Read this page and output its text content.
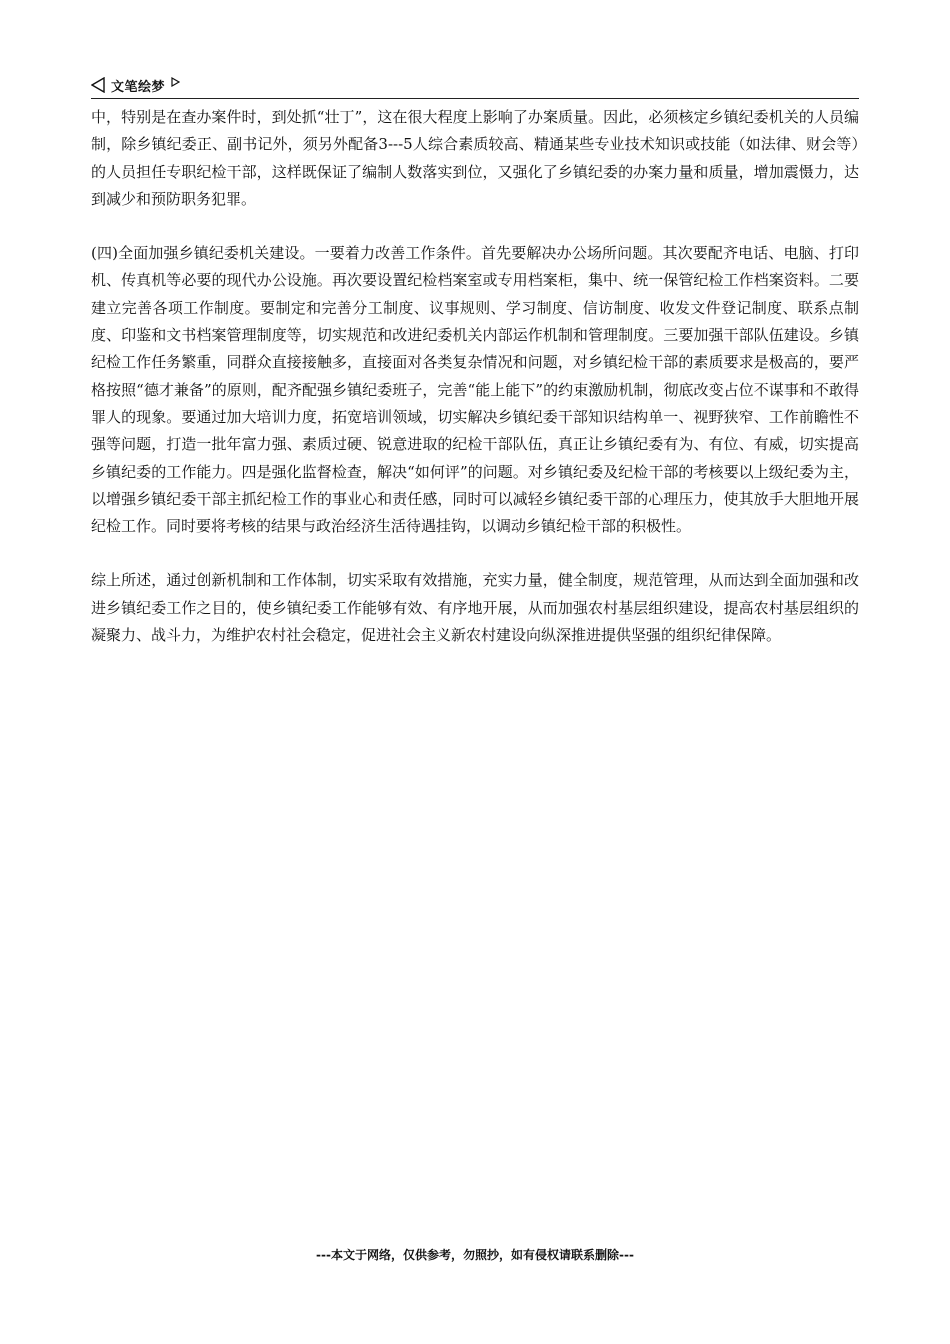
文笔绘梦

中，特别是在查办案件时，到处抓“壮丁”，这在很大程度上影响了办案质量。因此，必须核定乡镇纪委机关的人员编制，除乡镇纪委正、副书记外，须另外配备3---5人综合素质较高、精通某些专业技术知识或技能（如法律、财会等）的人员担任专职纪检干部，这样既保证了编制人数落实到位，又强化了乡镇纪委的办案力量和质量，增加震慑力，达到减少和预防职务犯罪。

(四)全面加强乡镇纪委机关建设。一要着力改善工作条件。首先要解决办公场所问题。其次要配齐电话、电脑、打印机、传真机等必要的现代办公设施。再次要设置纪检档案室或专用档案柜，集中、统一保管纪检工作档案资料。二要建立完善各项工作制度。要制定和完善分工制度、议事规则、学习制度、信访制度、收发文件登记制度、联系点制度、印鉴和文书档案管理制度等，切实规范和改进纪委机关内部运作机制和管理制度。三要加强干部队伍建设。乡镇纪检工作任务繁重，同群众直接接触多，直接面对各类复杂情况和问题，对乡镇纪检干部的素质要求是极高的，要严格按照“德才兼备”的原则，配齐配强乡镇纪委班子，完善“能上能下”的约束激励机制，彻底改变占位不谋事和不敢得罪人的现象。要通过加大培训力度，拓宽培训领域，切实解决乡镇纪委干部知识结构单一、视野狭窄、工作前瞻性不强等问题，打造一批年富力强、素质过硬、锐意进取的纪检干部队伍，真正让乡镇纪委有为、有位、有威，切实提高乡镇纪委的工作能力。四是强化监督检查，解决“如何评”的问题。对乡镇纪委及纪检干部的考核要以上级纪委为主，以增强乡镇纪委干部主抓纪检工作的事业心和责任感，同时可以减轻乡镇纪委干部的心理压力，使其放手大胆地开展纪检工作。同时要将考核的结果与政治经济生活待遇挂钩，以调动乡镇纪检干部的积极性。

综上所述，通过创新机制和工作体制，切实采取有效措施，充实力量，健全制度，规范管理，从而达到全面加强和改进乡镇纪委工作之目的，使乡镇纪委工作能够有效、有序地开展，从而加强农村基层组织建设，提高农村基层组织的凝聚力、战斗力，为维护农村社会稳定，促进社会主义新农村建设向纵深推进提供坚强的组织纪律保障。

---本文于网络，仅供参考，勿照抄，如有侵权请联系删除---
